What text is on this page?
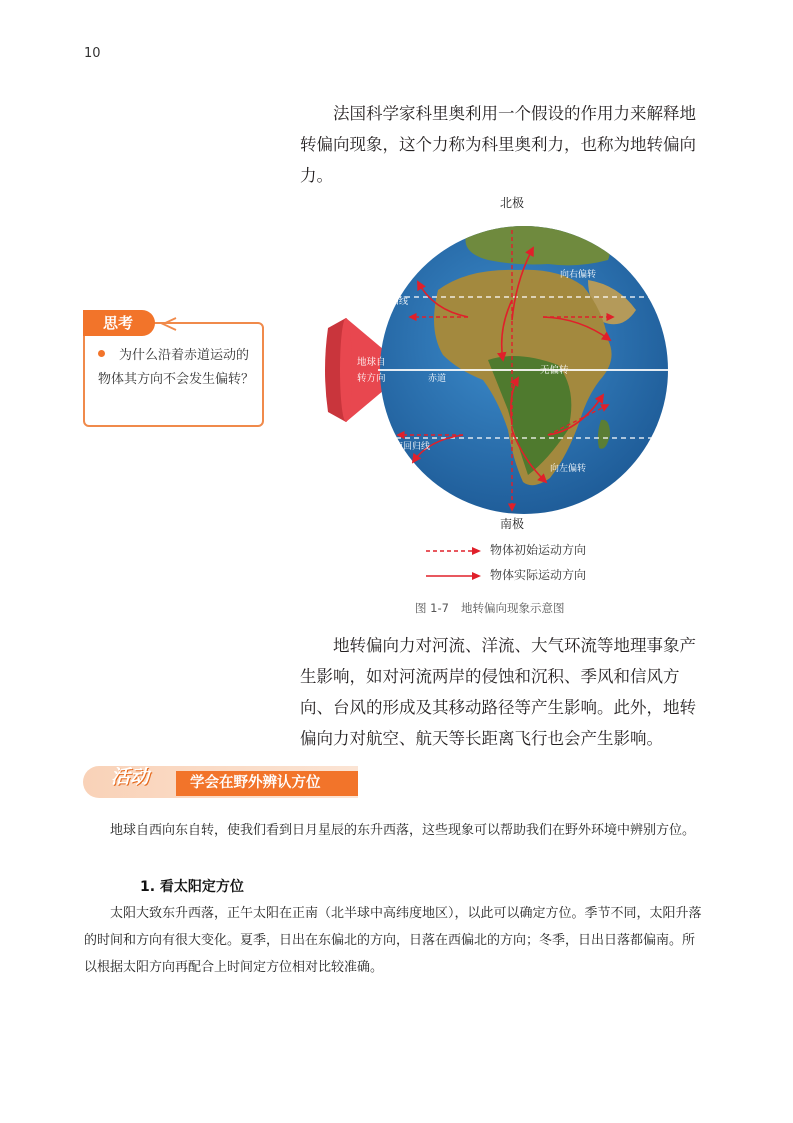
10

法国科学家科里奥利用一个假设的作用力来解释地转偏向现象，这个力称为科里奥利力，也称为地转偏向力。

思考

为什么沿着赤道运动的物体其方向不会发生偏转？

北极
南极
北回归线
南回归线
赤道
向右偏转
向左偏转
无偏转
地球自
转方向
物体初始运动方向
物体实际运动方向
图 1-7 地转偏向现象示意图

地转偏向力对河流、洋流、大气环流等地理事象产生影响，如对河流两岸的侵蚀和沉积、季风和信风方向、台风的形成及其移动路径等产生影响。此外，地转偏向力对航空、航天等长距离飞行也会产生影响。

活动	学会在野外辨认方位

地球自西向东自转，使我们看到日月星辰的东升西落，这些现象可以帮助我们在野外环境中辨别方位。

1. 看太阳定方位

太阳大致东升西落，正午太阳在正南（北半球中高纬度地区），以此可以确定方位。季节不同，太阳升落的时间和方向有很大变化。夏季，日出在东偏北的方向，日落在西偏北的方向；冬季，日出日落都偏南。所以根据太阳方向再配合上时间定方位相对比较准确。
